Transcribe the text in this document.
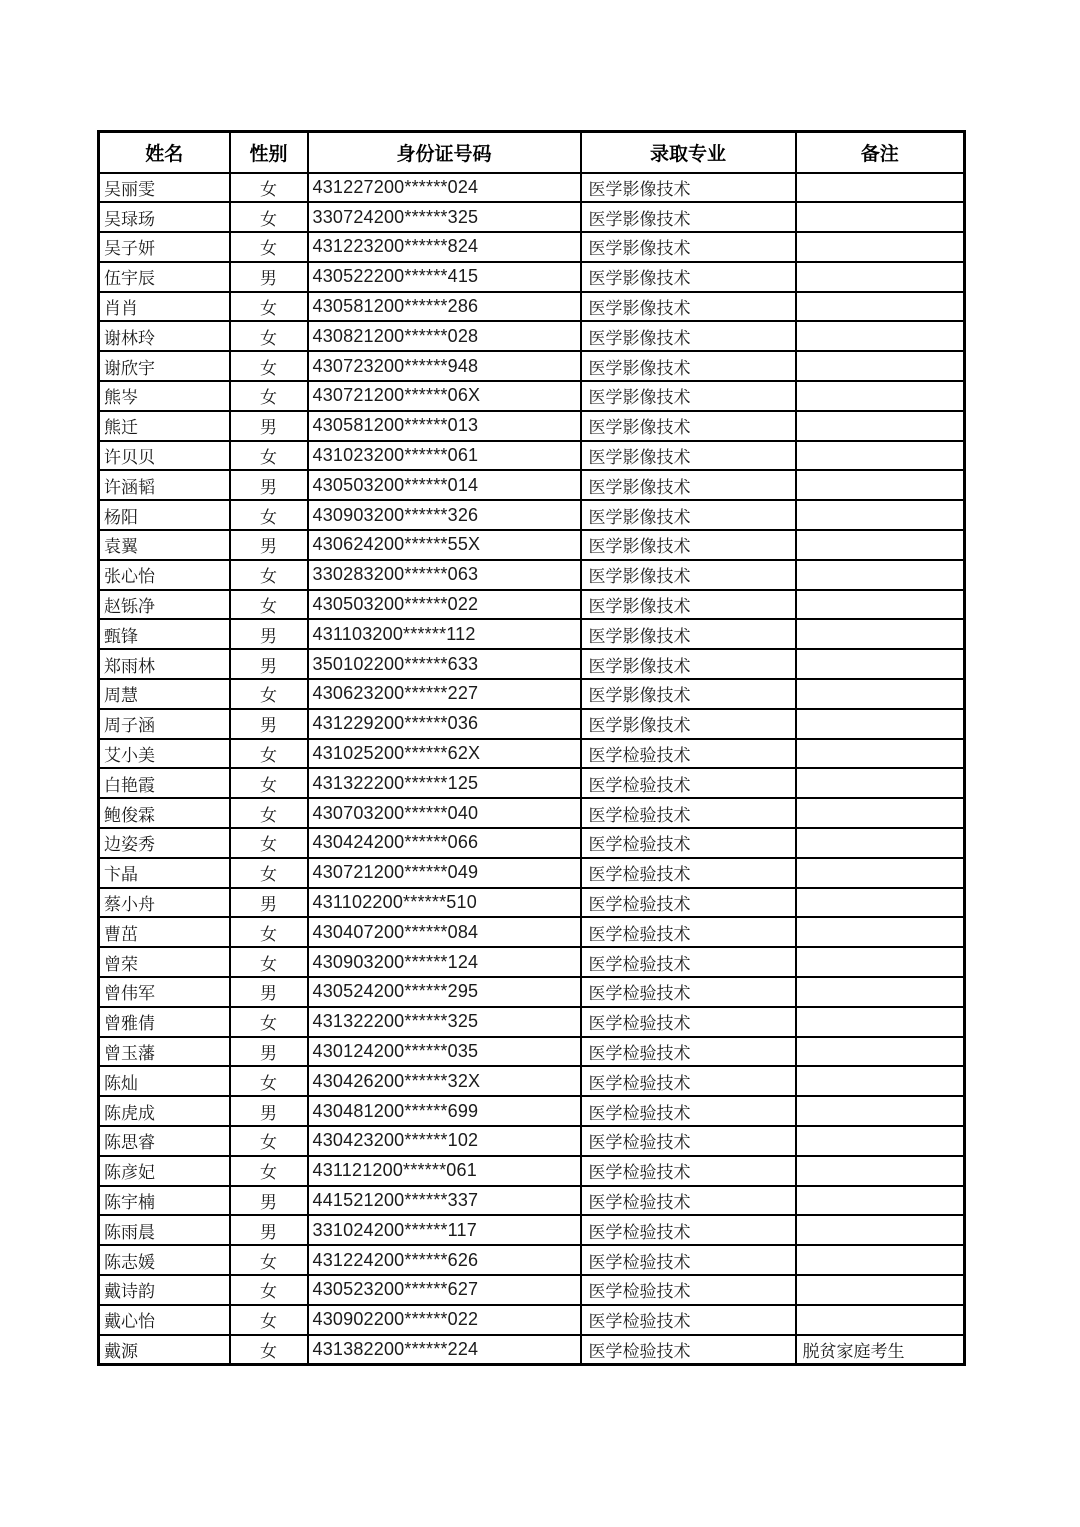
姓名	性别	身份证号码	录取专业	备注
吴丽雯	女	431227200******024	医学影像技术	
吴琭玚	女	330724200******325	医学影像技术	
吴子妍	女	431223200******824	医学影像技术	
伍宇辰	男	430522200******415	医学影像技术	
肖肖	女	430581200******286	医学影像技术	
谢林玲	女	430821200******028	医学影像技术	
谢欣宇	女	430723200******948	医学影像技术	
熊岑	女	430721200******06X	医学影像技术	
熊迁	男	430581200******013	医学影像技术	
许贝贝	女	431023200******061	医学影像技术	
许涵韬	男	430503200******014	医学影像技术	
杨阳	女	430903200******326	医学影像技术	
袁翼	男	430624200******55X	医学影像技术	
张心怡	女	330283200******063	医学影像技术	
赵铄净	女	430503200******022	医学影像技术	
甄锋	男	431103200******112	医学影像技术	
郑雨林	男	350102200******633	医学影像技术	
周慧	女	430623200******227	医学影像技术	
周子涵	男	431229200******036	医学影像技术	
艾小美	女	431025200******62X	医学检验技术	
白艳霞	女	431322200******125	医学检验技术	
鲍俊霖	女	430703200******040	医学检验技术	
边姿秀	女	430424200******066	医学检验技术	
卞晶	女	430721200******049	医学检验技术	
蔡小舟	男	431102200******510	医学检验技术	
曹茁	女	430407200******084	医学检验技术	
曾荣	女	430903200******124	医学检验技术	
曾伟军	男	430524200******295	医学检验技术	
曾雅倩	女	431322200******325	医学检验技术	
曾玉藩	男	430124200******035	医学检验技术	
陈灿	女	430426200******32X	医学检验技术	
陈虎成	男	430481200******699	医学检验技术	
陈思睿	女	430423200******102	医学检验技术	
陈彦妃	女	431121200******061	医学检验技术	
陈宇楠	男	441521200******337	医学检验技术	
陈雨晨	男	331024200******117	医学检验技术	
陈志媛	女	431224200******626	医学检验技术	
戴诗韵	女	430523200******627	医学检验技术	
戴心怡	女	430902200******022	医学检验技术	
戴源	女	431382200******224	医学检验技术	脱贫家庭考生
